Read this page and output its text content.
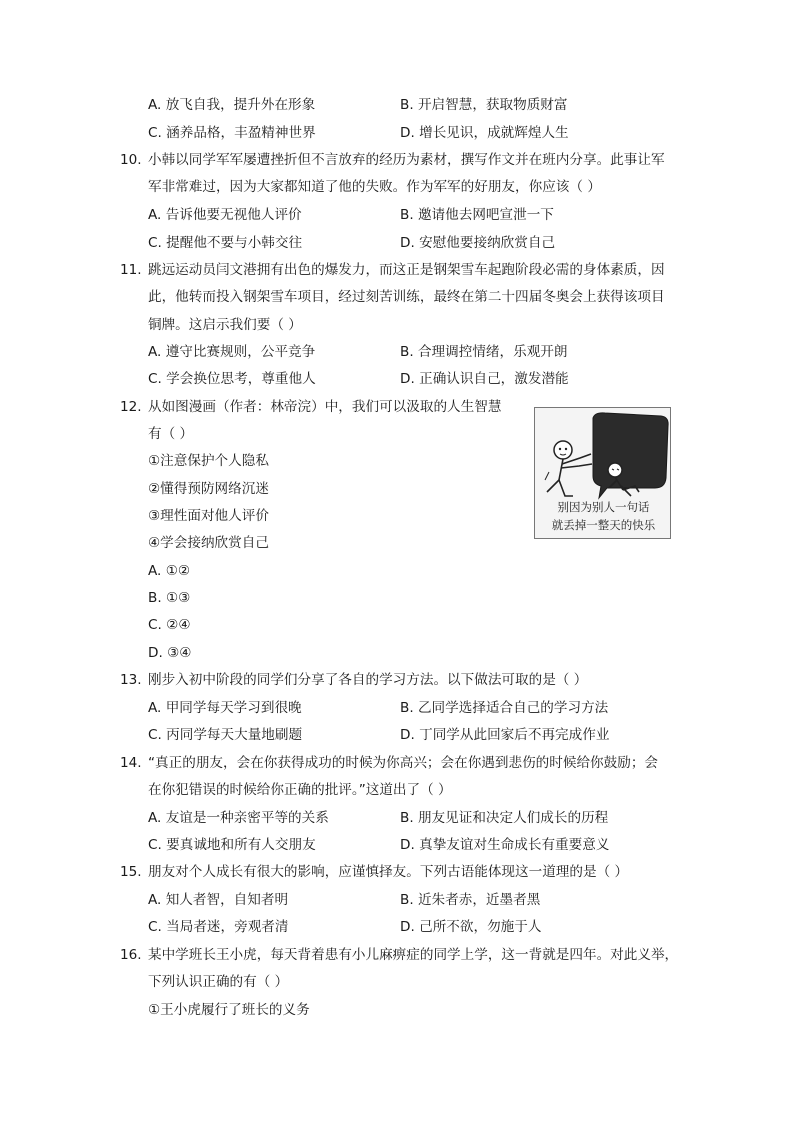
A. 放飞自我，提升外在形象	B. 开启智慧，获取物质财富
C. 涵养品格，丰盈精神世界	D. 增长见识，成就辉煌人生
10. 小韩以同学军军屡遭挫折但不言放弃的经历为素材，撰写作文并在班内分享。此事让军
军非常难过，因为大家都知道了他的失败。作为军军的好朋友，你应该（ ）
A. 告诉他要无视他人评价	B. 邀请他去网吧宣泄一下
C. 提醒他不要与小韩交往	D. 安慰他要接纳欣赏自己
11. 跳远运动员闫文港拥有出色的爆发力，而这正是钢架雪车起跑阶段必需的身体素质，因
此，他转而投入钢架雪车项目，经过刻苦训练，最终在第二十四届冬奥会上获得该项目
铜牌。这启示我们要（ ）
A. 遵守比赛规则，公平竞争	B. 合理调控情绪，乐观开朗
C. 学会换位思考，尊重他人	D. 正确认识自己，激发潜能
12. 从如图漫画（作者：林帝浣）中，我们可以汲取的人生智慧
有（ ）
①注意保护个人隐私
②懂得预防网络沉迷
③理性面对他人评价
④学会接纳欣赏自己
A. ①②
B. ①③
C. ②④
D. ③④
别因为别人一句话
就丢掉一整天的快乐
13. 刚步入初中阶段的同学们分享了各自的学习方法。以下做法可取的是（ ）
A. 甲同学每天学习到很晚	B. 乙同学选择适合自己的学习方法
C. 丙同学每天大量地刷题	D. 丁同学从此回家后不再完成作业
14. “真正的朋友，会在你获得成功的时候为你高兴；会在你遇到悲伤的时候给你鼓励；会
在你犯错误的时候给你正确的批评。”这道出了（ ）
A. 友谊是一种亲密平等的关系	B. 朋友见证和决定人们成长的历程
C. 要真诚地和所有人交朋友	D. 真挚友谊对生命成长有重要意义
15. 朋友对个人成长有很大的影响，应谨慎择友。下列古语能体现这一道理的是（ ）
A. 知人者智，自知者明	B. 近朱者赤，近墨者黑
C. 当局者迷，旁观者清	D. 己所不欲，勿施于人
16. 某中学班长王小虎，每天背着患有小儿麻痹症的同学上学，这一背就是四年。对此义举，
下列认识正确的有（ ）
①王小虎履行了班长的义务
